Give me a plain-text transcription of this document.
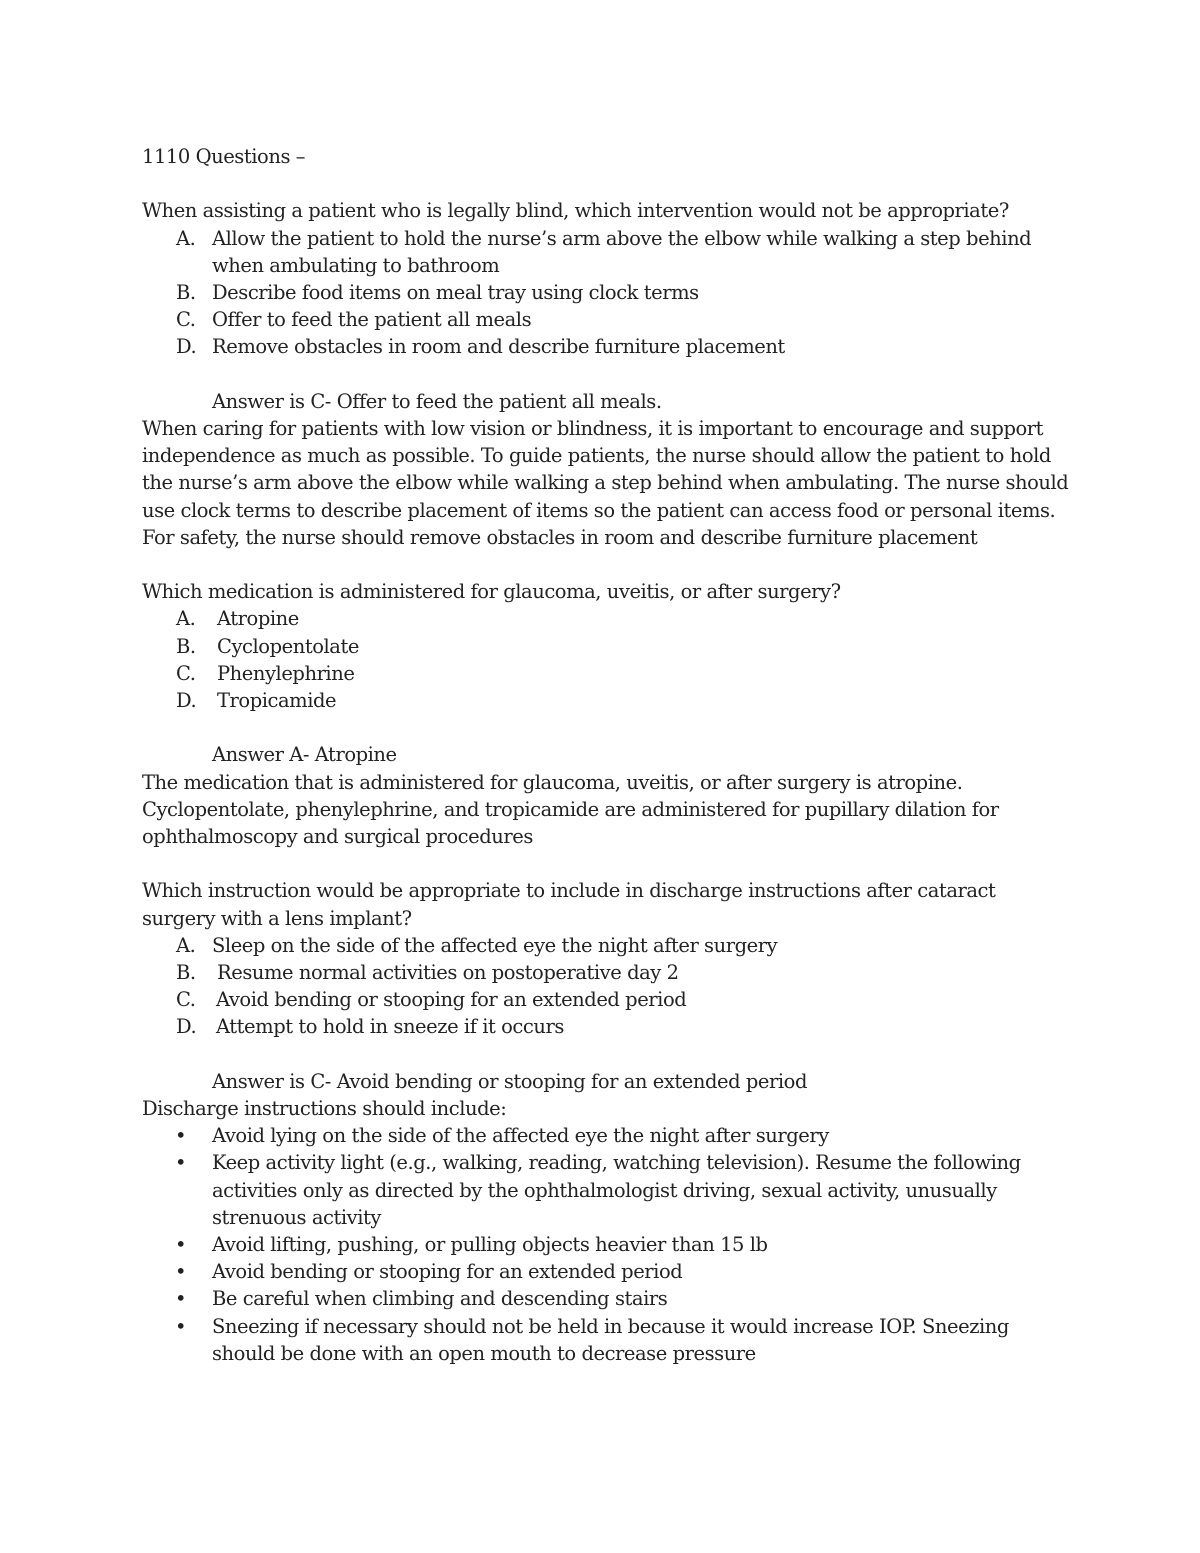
1110 Questions –

When assisting a patient who is legally blind, which intervention would not be appropriate?

A. Allow the patient to hold the nurse’s arm above the elbow while walking a step behind when ambulating to bathroom
B. Describe food items on meal tray using clock terms
C. Offer to feed the patient all meals
D. Remove obstacles in room and describe furniture placement

Answer is C- Offer to feed the patient all meals.

When caring for patients with low vision or blindness, it is important to encourage and support independence as much as possible. To guide patients, the nurse should allow the patient to hold the nurse’s arm above the elbow while walking a step behind when ambulating. The nurse should use clock terms to describe placement of items so the patient can access food or personal items. For safety, the nurse should remove obstacles in room and describe furniture placement

Which medication is administered for glaucoma, uveitis, or after surgery?

A. Atropine
B. Cyclopentolate
C. Phenylephrine
D. Tropicamide

Answer A- Atropine

The medication that is administered for glaucoma, uveitis, or after surgery is atropine. Cyclopentolate, phenylephrine, and tropicamide are administered for pupillary dilation for ophthalmoscopy and surgical procedures

Which instruction would be appropriate to include in discharge instructions after cataract surgery with a lens implant?

A. Sleep on the side of the affected eye the night after surgery
B. Resume normal activities on postoperative day 2
C. Avoid bending or stooping for an extended period
D. Attempt to hold in sneeze if it occurs

Answer is C- Avoid bending or stooping for an extended period

Discharge instructions should include:

• Avoid lying on the side of the affected eye the night after surgery
• Keep activity light (e.g., walking, reading, watching television). Resume the following activities only as directed by the ophthalmologist driving, sexual activity, unusually strenuous activity
• Avoid lifting, pushing, or pulling objects heavier than 15 lb
• Avoid bending or stooping for an extended period
• Be careful when climbing and descending stairs
• Sneezing if necessary should not be held in because it would increase IOP. Sneezing should be done with an open mouth to decrease pressure
